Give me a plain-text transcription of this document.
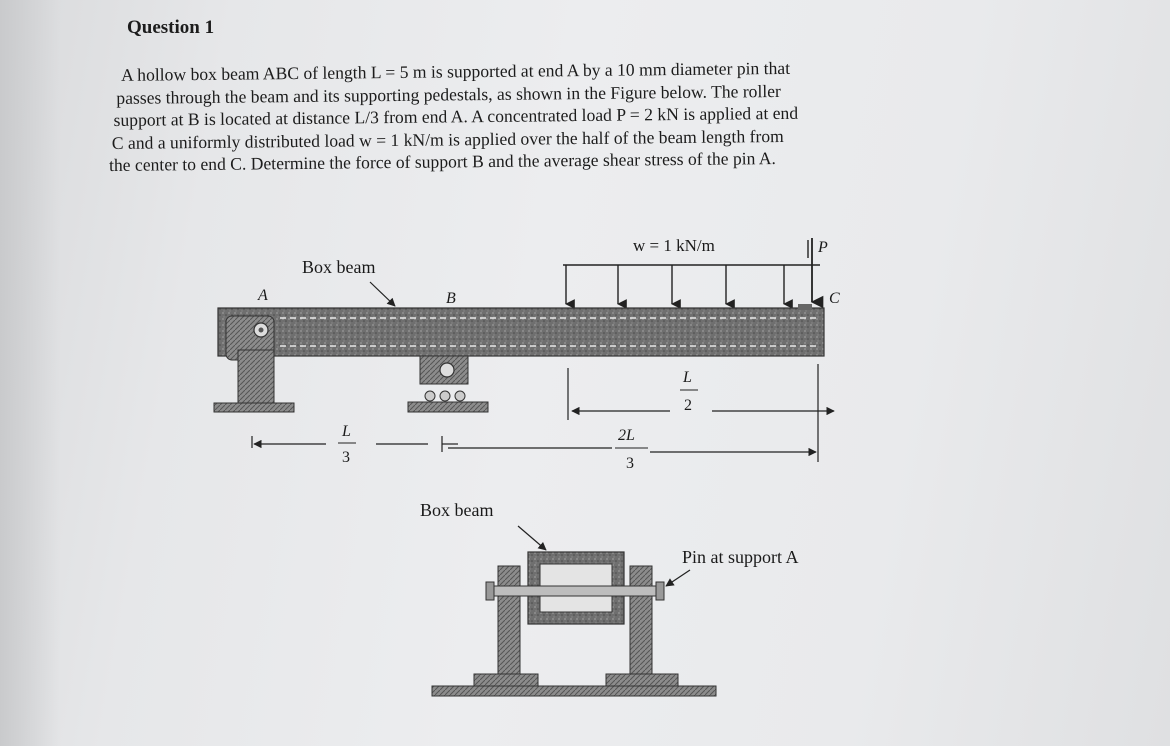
Question 1
A hollow box beam ABC of length L = 5 m is supported at end A by a 10 mm diameter pin that
passes through the beam and its supporting pedestals, as shown in the Figure below. The roller
support at B is located at distance L/3 from end A. A concentrated load P = 2 kN is applied at end
C and a uniformly distributed load w = 1 kN/m is applied over the half of the beam length from
the center to end C. Determine the force of support B and the average shear stress of the pin A.
w = 1 kN/m	P
Box beam
A	B	C
L
3
L
2
2L
3
Box beam
Pin at support A
